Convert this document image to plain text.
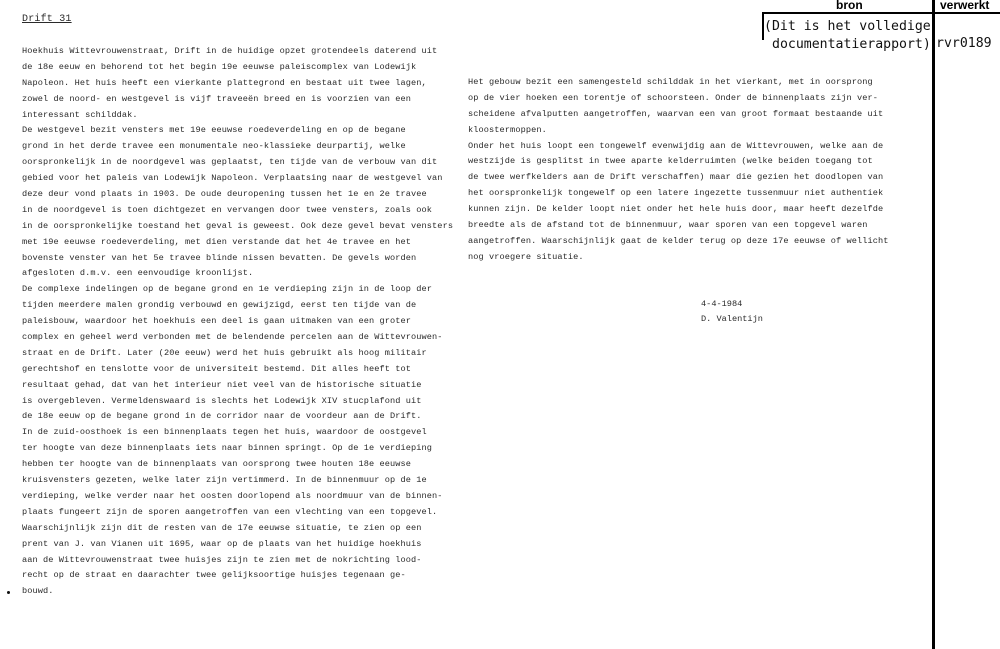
Drift 31
Hoekhuis Wittevrouwenstraat, Drift in de huidige opzet grotendeels daterend uit
de 18e eeuw en behorend tot het begin 19e eeuwse paleiscomplex van Lodewijk
Napoleon. Het huis heeft een vierkante plattegrond en bestaat uit twee lagen,
zowel de noord- en westgevel is vijf traveeën breed en is voorzien van een
interessant schilddak.
De westgevel bezit vensters met 19e eeuwse roedeverdeling en op de begane
grond in het derde travee een monumentale neo-klassieke deurpartij, welke
oorspronkelijk in de noordgevel was geplaatst, ten tijde van de verbouw van dit
gebied voor het paleis van Lodewijk Napoleon. Verplaatsing naar de westgevel van
deze deur vond plaats in 1903. De oude deuropening tussen het 1e en 2e travee
in de noordgevel is toen dichtgezet en vervangen door twee vensters, zoals ook
in de oorspronkelijke toestand het geval is geweest. Ook deze gevel bevat vensters
met 19e eeuwse roedeverdeling, met dien verstande dat het 4e travee en het
bovenste venster van het 5e travee blinde nissen bevatten. De gevels worden
afgesloten d.m.v. een eenvoudige kroonlijst.
De complexe indelingen op de begane grond en 1e verdieping zijn in de loop der
tijden meerdere malen grondig verbouwd en gewijzigd, eerst ten tijde van de
paleisbouw, waardoor het hoekhuis een deel is gaan uitmaken van een groter
complex en geheel werd verbonden met de belendende percelen aan de Wittevrouwen-
straat en de Drift. Later (20e eeuw) werd het huis gebruikt als hoog militair
gerechtshof en tenslotte voor de universiteit bestemd. Dit alles heeft tot
resultaat gehad, dat van het interieur niet veel van de historische situatie
is overgebleven. Vermeldenswaard is slechts het Lodewijk XIV stucplafond uit
de 18e eeuw op de begane grond in de corridor naar de voordeur aan de Drift.
In de zuid-oosthoek is een binnenplaats tegen het huis, waardoor de oostgevel
ter hoogte van deze binnenplaats iets naar binnen springt. Op de 1e verdieping
hebben ter hoogte van de binnenplaats van oorsprong twee houten 18e eeuwse
kruisvensters gezeten, welke later zijn vertimmerd. In de binnenmuur op de 1e
verdieping, welke verder naar het oosten doorlopend als noordmuur van de binnen-
plaats fungeert zijn de sporen aangetroffen van een vlechting van een topgevel.
Waarschijnlijk zijn dit de resten van de 17e eeuwse situatie, te zien op een
prent van J. van Vianen uit 1695, waar op de plaats van het huidige hoekhuis
aan de Wittevrouwenstraat twee huisjes zijn te zien met de nokrichting lood-
recht op de straat en daarachter twee gelijksoortige huisjes tegenaan ge-
bouwd.
Het gebouw bezit een samengesteld schilddak in het vierkant, met in oorsprong
op de vier hoeken een torentje of schoorsteen. Onder de binnenplaats zijn ver-
scheidene afvalputten aangetroffen, waarvan een van groot formaat bestaande uit
kloostermoppen.
Onder het huis loopt een tongewelf evenwijdig aan de Wittevrouwen, welke aan de
westzijde is gesplitst in twee aparte kelderruimten (welke beiden toegang tot
de twee werfkelders aan de Drift verschaffen) maar die gezien het doodlopen van
het oorspronkelijk tongewelf op een latere ingezette tussenmuur niet authentiek
kunnen zijn. De kelder loopt niet onder het hele huis door, maar heeft dezelfde
breedte als de afstand tot de binnenmuur, waar sporen van een topgevel waren
aangetroffen. Waarschijnlijk gaat de kelder terug op deze 17e eeuwse of wellicht
nog vroegere situatie.
4-4-1984
D. Valentijn
bron	verwerkt
(Dit is het volledige
documentatierapport) rvr0189
